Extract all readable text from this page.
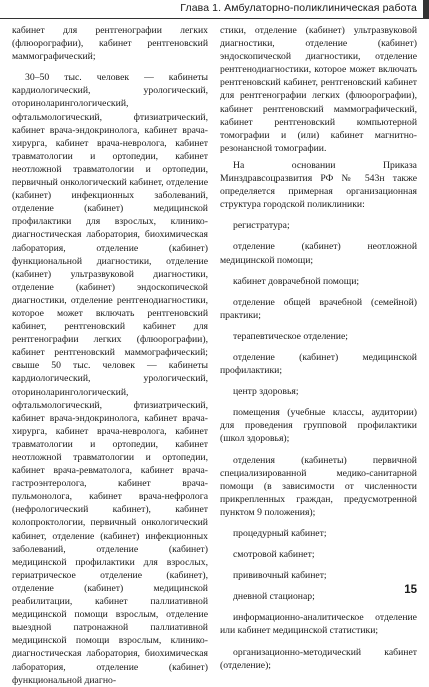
Глава 1. Амбулаторно-поликлиническая работа

кабинет для рентгенографии легких (флюорографии), кабинет рентгеновский маммографический;

30–50 тыс. человек — кабинеты кардиологический, урологический, оториноларингологический, офтальмологический, фтизиатрический, кабинет врача-эндокринолога, кабинет врача-хирурга, кабинет врача-невролога, кабинет травматологии и ортопедии, кабинет неотложной травматологии и ортопедии, первичный онкологический кабинет, отделение (кабинет) инфекционных заболеваний, отделение (кабинет) медицинской профилактики для взрослых, клинико-диагностическая лаборатория, биохимическая лаборатория, отделение (кабинет) функциональной диагностики, отделение (кабинет) ультразвуковой диагностики, отделение (кабинет) эндоскопической диагностики, отделение рентгенодиагностики, которое может включать рентгеновский кабинет, рентгеновский кабинет для рентгенографии легких (флюорографии), кабинет рентгеновский маммографический; свыше 50 тыс. человек — кабинеты кардиологический, урологический, оториноларингологический, офтальмологический, фтизиатрический, кабинет врача-эндокринолога, кабинет врача-хирурга, кабинет врача-невролога, кабинет травматологии и ортопедии, кабинет неотложной травматологии и ортопедии, кабинет врача-ревматолога, кабинет врача-гастроэнтеролога, кабинет врача-пульмонолога, кабинет врача-нефролога (нефрологический кабинет), кабинет колопроктологии, первичный онкологический кабинет, отделение (кабинет) инфекционных заболеваний, отделение (кабинет) медицинской профилактики для взрослых, гериатрическое отделение (кабинет), отделение (кабинет) медицинской реабилитации, кабинет паллиативной медицинской помощи взрослым, отделение выездной патронажной паллиативной медицинской помощи взрослым, клинико-диагностическая лаборатория, биохимическая лаборатория, отделение (кабинет) функциональной диагно-

стики, отделение (кабинет) ультразвуковой диагностики, отделение (кабинет) эндоскопической диагностики, отделение рентгенодиагностики, которое может включать рентгеновский кабинет, рентгеновский кабинет для рентгенографии легких (флюорографии), кабинет рентгеновский маммографический, кабинет рентгеновский компьютерной томографии и (или) кабинет магнитно-резонансной томографии.

На основании Приказа Минздравсоцразвития РФ № 543н также определяется примерная организационная структура городской поликлиники:

регистратура;

отделение (кабинет) неотложной медицинской помощи;

кабинет доврачебной помощи;

отделение общей врачебной (семейной) практики;

терапевтическое отделение;

отделение (кабинет) медицинской профилактики;

центр здоровья;

помещения (учебные классы, аудитории) для проведения групповой профилактики (школ здоровья);

отделения (кабинеты) первичной специализированной медико-санитарной помощи (в зависимости от численности прикрепленных граждан, предусмотренной пунктом 9 положения);

процедурный кабинет;

смотровой кабинет;

прививочный кабинет;

дневной стационар;

информационно-аналитическое отделение или кабинет медицинской статистики;

организационно-методический кабинет (отделение);

15
